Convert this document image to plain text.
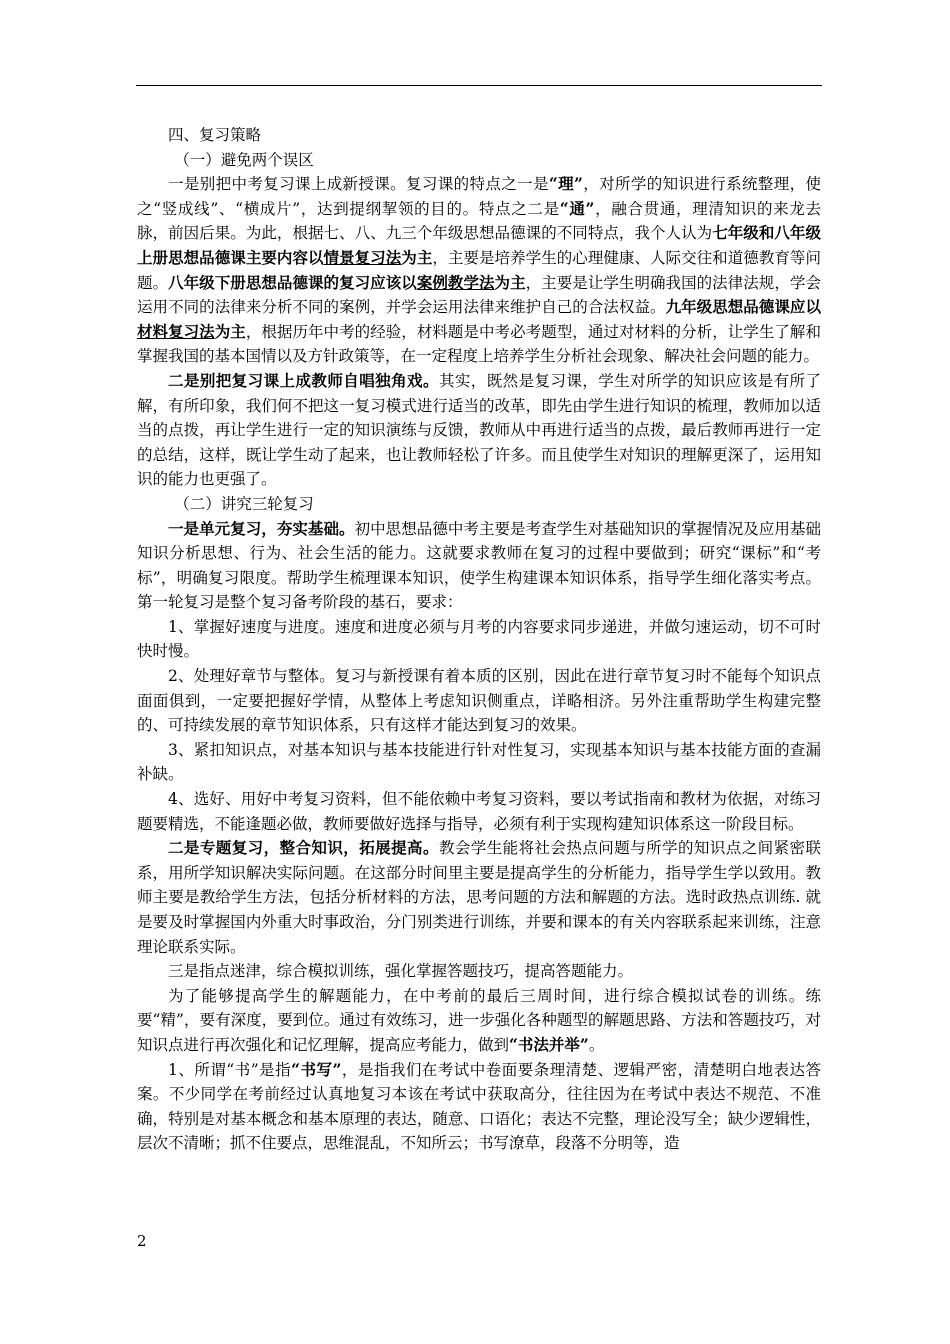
四、复习策略

（一）避免两个误区

一是别把中考复习课上成新授课。复习课的特点之一是“理”，对所学的知识进行系统整理，使之“竖成线”、“横成片”，达到提纲挈领的目的。特点之二是“通”，融合贯通，理清知识的来龙去脉，前因后果。为此，根据七、八、九三个年级思想品德课的不同特点，我个人认为七年级和八年级上册思想品德课主要内容以情景复习法为主，主要是培养学生的心理健康、人际交往和道德教育等问题。八年级下册思想品德课的复习应该以案例教学法为主，主要是让学生明确我国的法律法规，学会运用不同的法律来分析不同的案例，并学会运用法律来维护自己的合法权益。九年级思想品德课应以材料复习法为主，根据历年中考的经验，材料题是中考必考题型，通过对材料的分析，让学生了解和掌握我国的基本国情以及方针政策等，在一定程度上培养学生分析社会现象、解决社会问题的能力。

二是别把复习课上成教师自唱独角戏。其实，既然是复习课，学生对所学的知识应该是有所了解，有所印象，我们何不把这一复习模式进行适当的改革，即先由学生进行知识的梳理，教师加以适当的点拨，再让学生进行一定的知识演练与反馈，教师从中再进行适当的点拨，最后教师再进行一定的总结，这样，既让学生动了起来，也让教师轻松了许多。而且使学生对知识的理解更深了，运用知识的能力也更强了。

（二）讲究三轮复习

一是单元复习，夯实基础。初中思想品德中考主要是考查学生对基础知识的掌握情况及应用基础知识分析思想、行为、社会生活的能力。这就要求教师在复习的过程中要做到；研究“课标”和“考标”，明确复习限度。帮助学生梳理课本知识，使学生构建课本知识体系，指导学生细化落实考点。第一轮复习是整个复习备考阶段的基石，要求：

1、掌握好速度与进度。速度和进度必须与月考的内容要求同步递进，并做匀速运动，切不可时快时慢。

2、处理好章节与整体。复习与新授课有着本质的区别，因此在进行章节复习时不能每个知识点面面俱到，一定要把握好学情，从整体上考虑知识侧重点，详略相济。另外注重帮助学生构建完整的、可持续发展的章节知识体系，只有这样才能达到复习的效果。

3、紧扣知识点，对基本知识与基本技能进行针对性复习，实现基本知识与基本技能方面的查漏补缺。

4、选好、用好中考复习资料，但不能依赖中考复习资料，要以考试指南和教材为依据，对练习题要精选，不能逢题必做，教师要做好选择与指导，必须有利于实现构建知识体系这一阶段目标。

二是专题复习，整合知识，拓展提高。教会学生能将社会热点问题与所学的知识点之间紧密联系，用所学知识解决实际问题。在这部分时间里主要是提高学生的分析能力，指导学生学以致用。教师主要是教给学生方法，包括分析材料的方法，思考问题的方法和解题的方法。选时政热点训练. 就是要及时掌握国内外重大时事政治，分门别类进行训练，并要和课本的有关内容联系起来训练，注意理论联系实际。

三是指点迷津，综合模拟训练，强化掌握答题技巧，提高答题能力。

为了能够提高学生的解题能力，在中考前的最后三周时间，进行综合模拟试卷的训练。练要“精”，要有深度，要到位。通过有效练习，进一步强化各种题型的解题思路、方法和答题技巧，对知识点进行再次强化和记忆理解，提高应考能力，做到“书法并举”。

1、所谓“书”是指“书写”，是指我们在考试中卷面要条理清楚、逻辑严密，清楚明白地表达答案。不少同学在考前经过认真地复习本该在考试中获取高分，往往因为在考试中表达不规范、不准确，特别是对基本概念和基本原理的表达，随意、口语化；表达不完整，理论没写全；缺少逻辑性，层次不清晰；抓不住要点，思维混乱，不知所云；书写潦草，段落不分明等，造

2
